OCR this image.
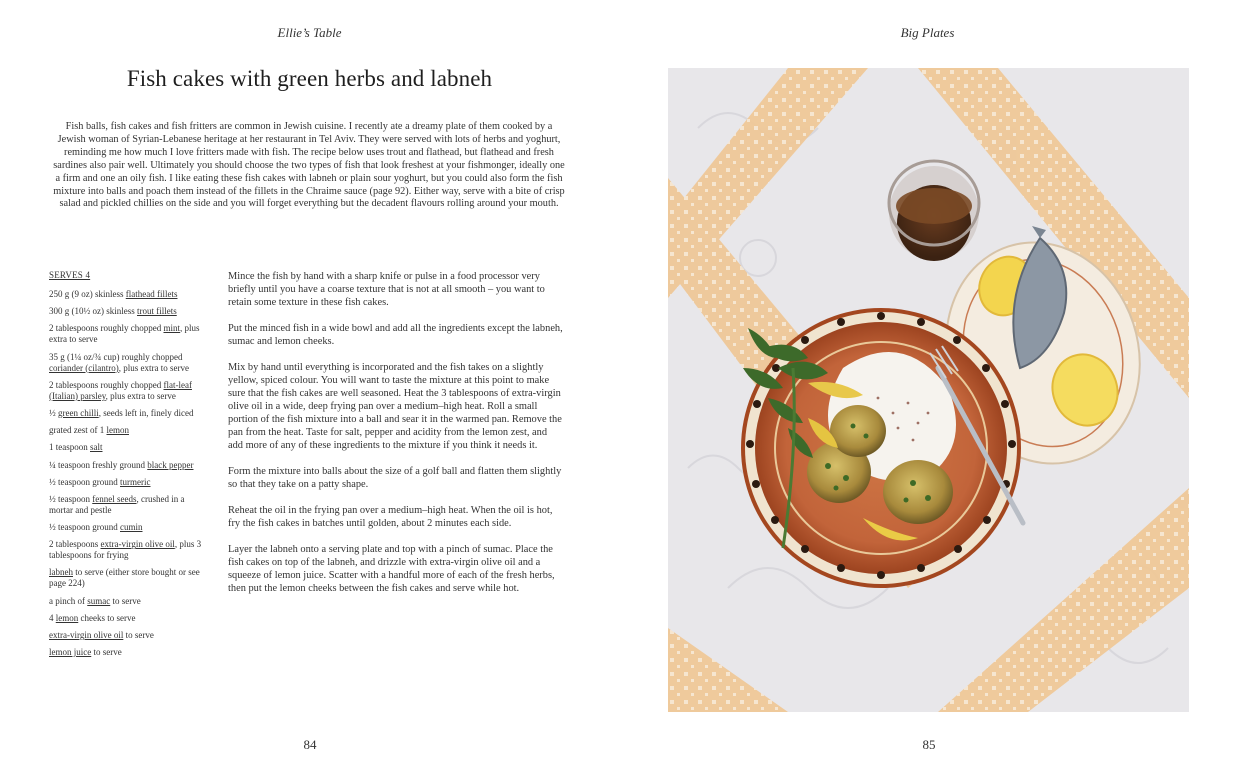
Ellie’s Table
Fish cakes with green herbs and labneh

Fish balls, fish cakes and fish fritters are common in Jewish cuisine. I recently ate a dreamy plate of them cooked by a Jewish woman of Syrian-Lebanese heritage at her restaurant in Tel Aviv. They were served with lots of herbs and yoghurt, reminding me how much I love fritters made with fish. The recipe below uses trout and flathead, but flathead and fresh sardines also pair well. Ultimately you should choose the two types of fish that look freshest at your fishmonger, ideally one a firm and one an oily fish. I like eating these fish cakes with labneh or plain sour yoghurt, but you could also form the fish mixture into balls and poach them instead of the fillets in the Chraime sauce (page 92). Either way, serve with a bite of crisp salad and pickled chillies on the side and you will forget everything but the decadent flavours rolling around your mouth.

SERVES 4
250 g (9 oz) skinless flathead fillets
300 g (10½ oz) skinless trout fillets
2 tablespoons roughly chopped mint, plus extra to serve
35 g (1¼ oz/¾ cup) roughly chopped coriander (cilantro), plus extra to serve
2 tablespoons roughly chopped flat-leaf (Italian) parsley, plus extra to serve
½ green chilli, seeds left in, finely diced
grated zest of 1 lemon
1 teaspoon salt
¼ teaspoon freshly ground black pepper
½ teaspoon ground turmeric
½ teaspoon fennel seeds, crushed in a mortar and pestle
½ teaspoon ground cumin
2 tablespoons extra-virgin olive oil, plus 3 tablespoons for frying
labneh to serve (either store bought or see page 224)
a pinch of sumac to serve
4 lemon cheeks to serve
extra-virgin olive oil to serve
lemon juice to serve

Mince the fish by hand with a sharp knife or pulse in a food processor very briefly until you have a coarse texture that is not at all smooth – you want to retain some texture in these fish cakes.

Put the minced fish in a wide bowl and add all the ingredients except the labneh, sumac and lemon cheeks.

Mix by hand until everything is incorporated and the fish takes on a slightly yellow, spiced colour. You will want to taste the mixture at this point to make sure that the fish cakes are well seasoned. Heat the 3 tablespoons of extra-virgin olive oil in a wide, deep frying pan over a medium–high heat. Roll a small portion of the fish mixture into a ball and sear it in the warmed pan. Remove the pan from the heat. Taste for salt, pepper and acidity from the lemon zest, and add more of any of these ingredients to the mixture if you think it needs it.

Form the mixture into balls about the size of a golf ball and flatten them slightly so that they take on a patty shape.

Reheat the oil in the frying pan over a medium–high heat. When the oil is hot, fry the fish cakes in batches until golden, about 2 minutes each side.

Layer the labneh onto a serving plate and top with a pinch of sumac. Place the fish cakes on top of the labneh, and drizzle with extra-virgin olive oil and a squeeze of lemon juice. Scatter with a handful more of each of the fresh herbs, then put the lemon cheeks between the fish cakes and serve while hot.

84
Big Plates
85
